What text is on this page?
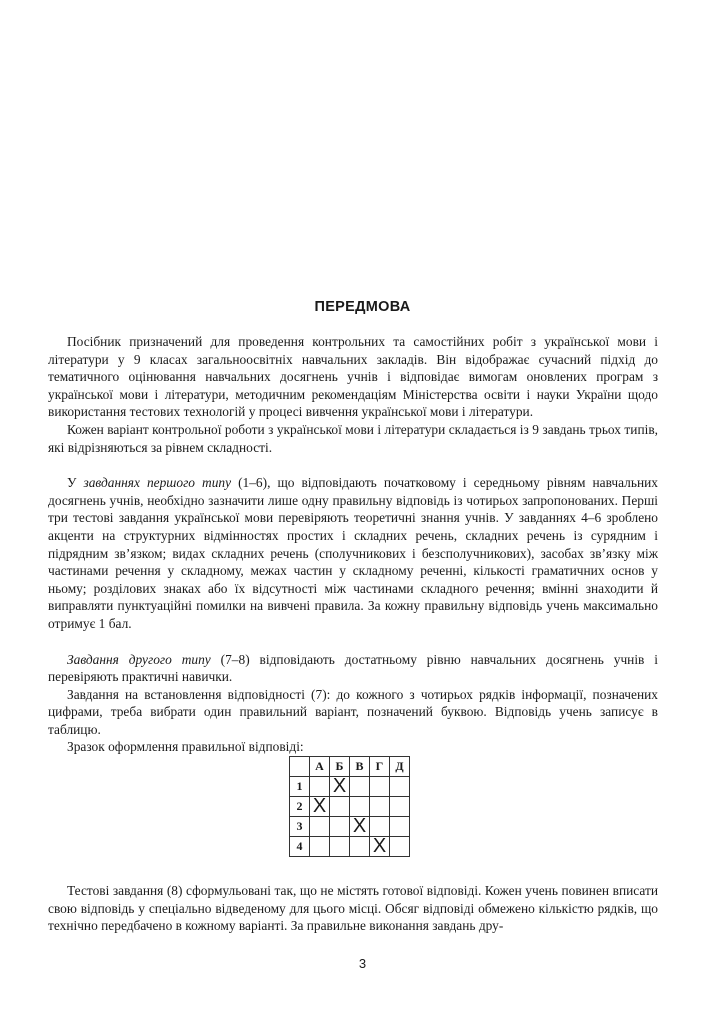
ПЕРЕДМОВА

Посібник призначений для проведення контрольних та самостійних робіт з української мови і літератури у 9 класах загальноосвітніх навчальних закладів. Він відображає сучасний підхід до тематичного оцінювання навчальних досягнень учнів і відповідає вимогам оновлених програм з української мови і літератури, методичним рекомендаціям Міністерства освіти і науки України щодо використання тестових технологій у процесі вивчення української мови і літератури.

Кожен варіант контрольної роботи з української мови і літератури складається із 9 завдань трьох типів, які відрізняються за рівнем складності.

У завданнях першого типу (1–6), що відповідають початковому і середньому рівням навчальних досягнень учнів, необхідно зазначити лише одну правильну відповідь із чотирьох запропонованих. Перші три тестові завдання української мови перевіряють теоретичні знання учнів. У завданнях 4–6 зроблено акценти на структурних відмінностях простих і складних речень, складних речень із сурядним і підрядним зв’язком; видах складних речень (сполучникових і безсполучникових), засобах зв’язку між частинами речення у складному, межах частин у складному реченні, кількості граматичних основ у ньому; розділових знаках або їх відсутності між частинами складного речення; вмінні знаходити й виправляти пунктуаційні помилки на вивчені правила. За кожну правильну відповідь учень максимально отримує 1 бал.

Завдання другого типу (7–8) відповідають достатньому рівню навчальних досягнень учнів і перевіряють практичні навички.

Завдання на встановлення відповідності (7): до кожного з чотирьох рядків інформації, позначених цифрами, треба вибрати один правильний варіант, позначений буквою. Відповідь учень записує в таблицю.

Зразок оформлення правильної відповіді:

	А	Б	В	Г	Д
1		X			
2	X				
3			X		
4				X	

Тестові завдання (8) сформульовані так, що не містять готової відповіді. Кожен учень повинен вписати свою відповідь у спеціально відведеному для цього місці. Обсяг відповіді обмежено кількістю рядків, що технічно передбачено в кожному варіанті. За правильне виконання завдань дру-

3
